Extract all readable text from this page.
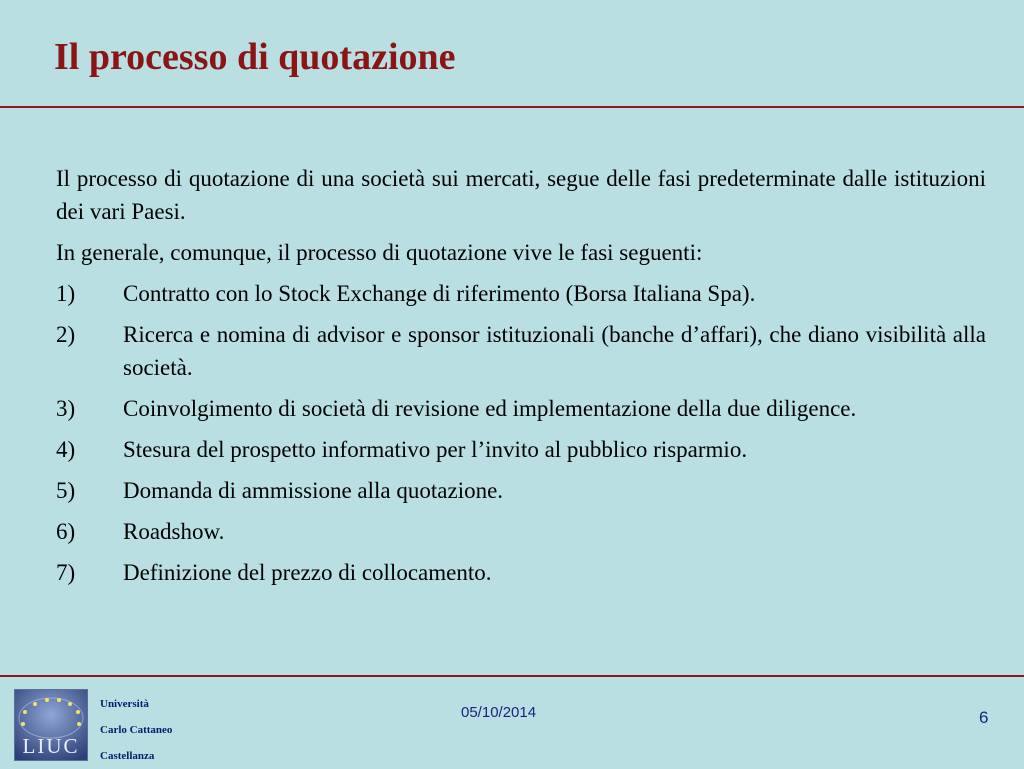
Il processo di quotazione
Il processo di quotazione di una società sui mercati, segue delle fasi predeterminate dalle istituzioni dei vari Paesi.
In generale, comunque, il processo di quotazione vive le fasi seguenti:
1)	Contratto con lo Stock Exchange di riferimento (Borsa Italiana Spa).
2)	Ricerca e nomina di advisor e sponsor istituzionali (banche d’affari), che diano visibilità alla società.
3)	Coinvolgimento di società di revisione ed implementazione della due diligence.
4)	Stesura del prospetto informativo per l’invito al pubblico risparmio.
5)	Domanda di ammissione alla quotazione.
6)	Roadshow.
7)	Definizione del prezzo di collocamento.
LIUC
Università
Carlo Cattaneo
Castellanza
05/10/2014	6
